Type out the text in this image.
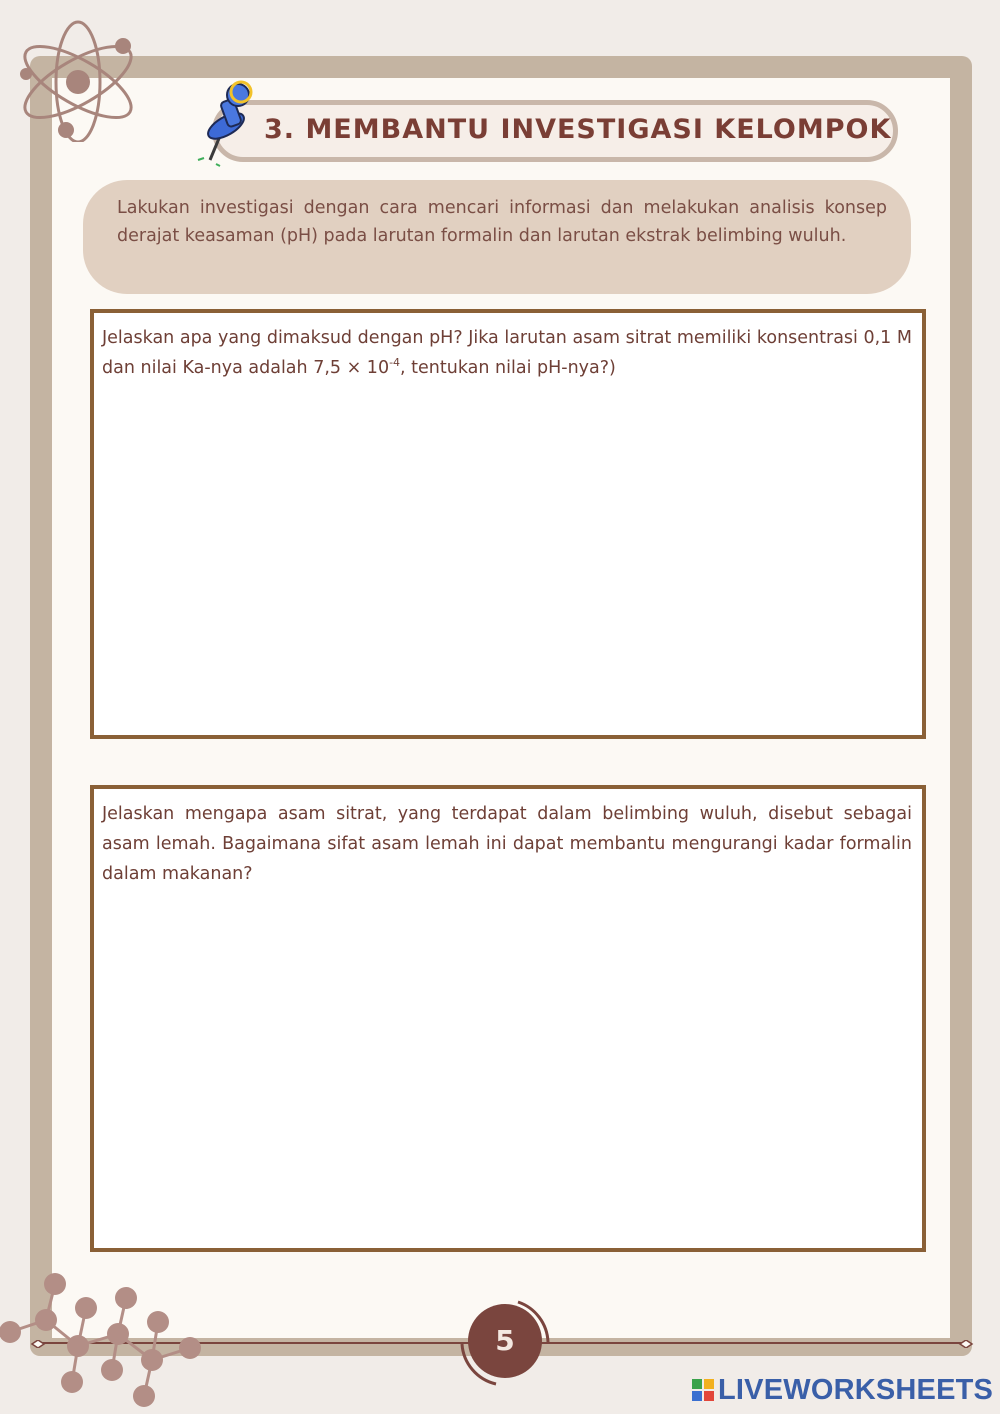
3. MEMBANTU INVESTIGASI KELOMPOK
Lakukan investigasi dengan cara mencari informasi dan melakukan analisis konsep derajat keasaman (pH) pada larutan formalin dan larutan ekstrak belimbing wuluh.
Jelaskan apa yang dimaksud dengan pH? Jika larutan asam sitrat memiliki konsentrasi 0,1 M dan nilai Ka-nya adalah $7,5 \times 10^{-4}$, tentukan nilai pH-nya?)
Jelaskan mengapa asam sitrat, yang terdapat dalam belimbing wuluh, disebut sebagai asam lemah. Bagaimana sifat asam lemah ini dapat membantu mengurangi kadar formalin dalam makanan?
5
LIVEWORKSHEETS
